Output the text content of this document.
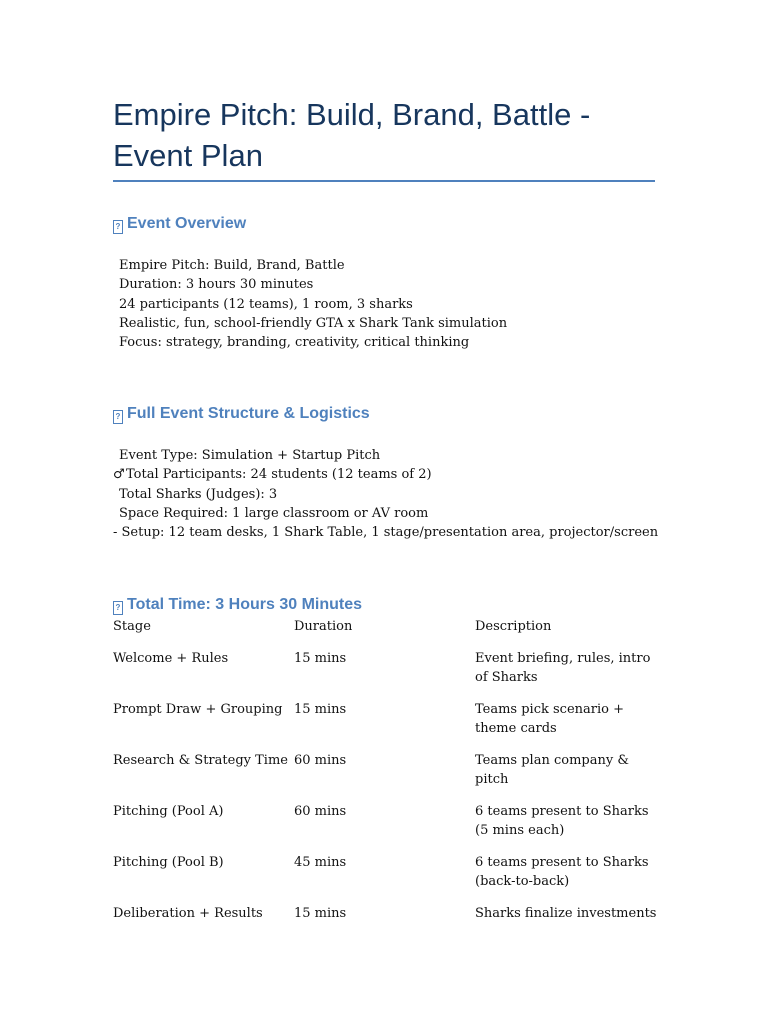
Empire Pitch: Build, Brand, Battle - Event Plan
? Event Overview
Empire Pitch: Build, Brand, Battle
Duration: 3 hours 30 minutes
24 participants (12 teams), 1 room, 3 sharks
Realistic, fun, school-friendly GTA x Shark Tank simulation
Focus: strategy, branding, creativity, critical thinking
? Full Event Structure & Logistics
Event Type: Simulation + Startup Pitch
♂Total Participants: 24 students (12 teams of 2)
Total Sharks (Judges): 3
Space Required: 1 large classroom or AV room
- Setup: 12 team desks, 1 Shark Table, 1 stage/presentation area, projector/screen
? Total Time: 3 Hours 30 Minutes
Stage	Duration	Description
Welcome + Rules	15 mins	Event briefing, rules, intro of Sharks
Prompt Draw + Grouping	15 mins	Teams pick scenario + theme cards
Research & Strategy Time	60 mins	Teams plan company & pitch
Pitching (Pool A)	60 mins	6 teams present to Sharks (5 mins each)
Pitching (Pool B)	45 mins	6 teams present to Sharks (back-to-back)
Deliberation + Results	15 mins	Sharks finalize investments
